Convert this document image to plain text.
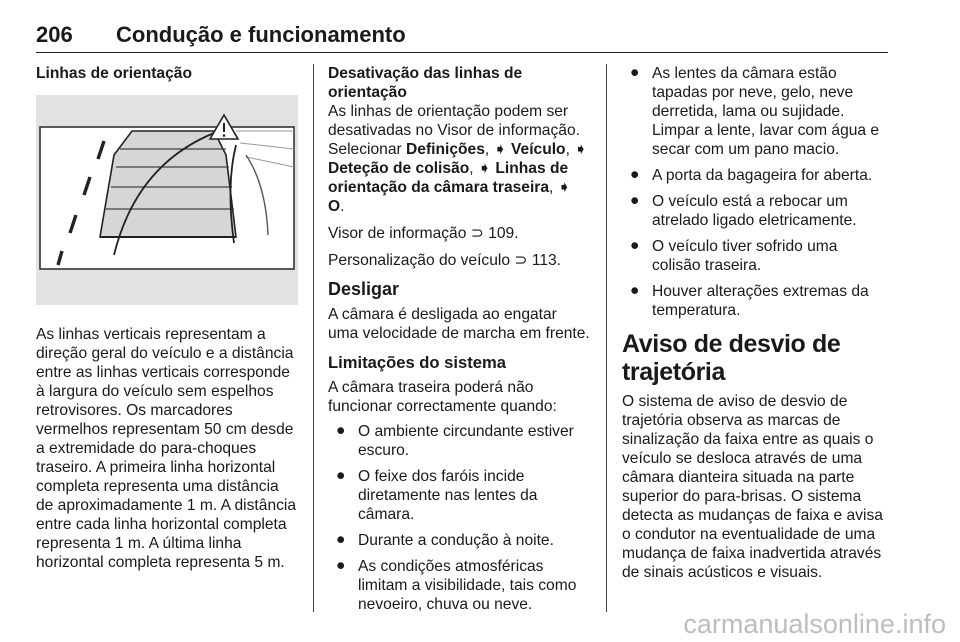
206 Condução e funcionamento
Linhas de orientação

As linhas verticais representam a direção geral do veículo e a distância entre as linhas verticais corresponde à largura do veículo sem espelhos retrovisores. Os marcadores vermelhos representam 50 cm desde a extremidade do para-choques traseiro. A primeira linha horizontal completa representa uma distância de aproximadamente 1 m. A distância entre cada linha horizontal completa representa 1 m. A última linha horizontal completa representa 5 m.

Desativação das linhas de orientação

As linhas de orientação podem ser desativadas no Visor de informação. Selecionar Definições, ➧ Veículo, ➧ Deteção de colisão, ➧ Linhas de orientação da câmara traseira, ➧ O.

Visor de informação ⊃ 109.

Personalização do veículo ⊃ 113.

Desligar

A câmara é desligada ao engatar uma velocidade de marcha em frente.

Limitações do sistema

A câmara traseira poderá não funcionar correctamente quando:

● O ambiente circundante estiver escuro.
● O feixe dos faróis incide diretamente nas lentes da câmara.
● Durante a condução à noite.
● As condições atmosféricas limitam a visibilidade, tais como nevoeiro, chuva ou neve.
● As lentes da câmara estão tapadas por neve, gelo, neve derretida, lama ou sujidade. Limpar a lente, lavar com água e secar com um pano macio.
● A porta da bagageira for aberta.
● O veículo está a rebocar um atrelado ligado eletricamente.
● O veículo tiver sofrido uma colisão traseira.
● Houver alterações extremas da temperatura.
Aviso de desvio de trajetória

O sistema de aviso de desvio de trajetória observa as marcas de sinalização da faixa entre as quais o veículo se desloca através de uma câmara dianteira situada na parte superior do para-brisas. O sistema detecta as mudanças de faixa e avisa o condutor na eventualidade de uma mudança de faixa inadvertida através de sinais acústicos e visuais.

carmanualsonline.info
